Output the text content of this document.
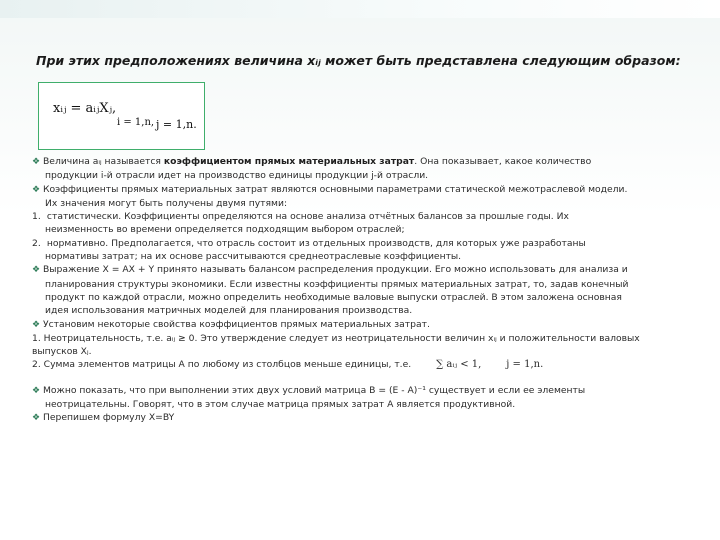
При этих предположениях величина xᵢⱼ может быть представлена следующим образом:
xᵢⱼ = aᵢⱼXⱼ,
i = 1,n, j = 1,n.

❖ Величина aᵢⱼ называется коэффициентом прямых материальных затрат. Она показывает, какое количество

продукции i-й отрасли идет на производство единицы продукции j-й отрасли.

❖ Коэффициенты прямых материальных затрат являются основными параметрами статической межотраслевой модели.

Их значения могут быть получены двумя путями:

1. статистически. Коэффициенты определяются на основе анализа отчётных балансов за прошлые годы. Их

неизменность во времени определяется подходящим выбором отраслей;

2. нормативно. Предполагается, что отрасль состоит из отдельных производств, для которых уже разработаны

нормативы затрат; на их основе рассчитываются среднеотраслевые коэффициенты.

❖ Выражение X = AX + Y принято называть балансом распределения продукции. Его можно использовать для анализа и

планирования структуры экономики. Если известны коэффициенты прямых материальных затрат, то, задав конечный

продукт по каждой отрасли, можно определить необходимые валовые выпуски отраслей. В этом заложена основная

идея использования матричных моделей для планирования производства.

❖ Установим некоторые свойства коэффициентов прямых материальных затрат.

1. Неотрицательность, т.е. aᵢⱼ ≥ 0. Это утверждение следует из неотрицательности величин xᵢⱼ и положительности валовых

выпусков Xⱼ.

2. Сумма элементов матрицы A по любому из столбцов меньше единицы, т.е. ∑ aᵢⱼ < 1, j = 1,n.

❖ Можно показать, что при выполнении этих двух условий матрица B = (E - A)⁻¹ существует и если ее элементы

неотрицательны. Говорят, что в этом случае матрица прямых затрат A является продуктивной.

❖ Перепишем формулу X=BY
